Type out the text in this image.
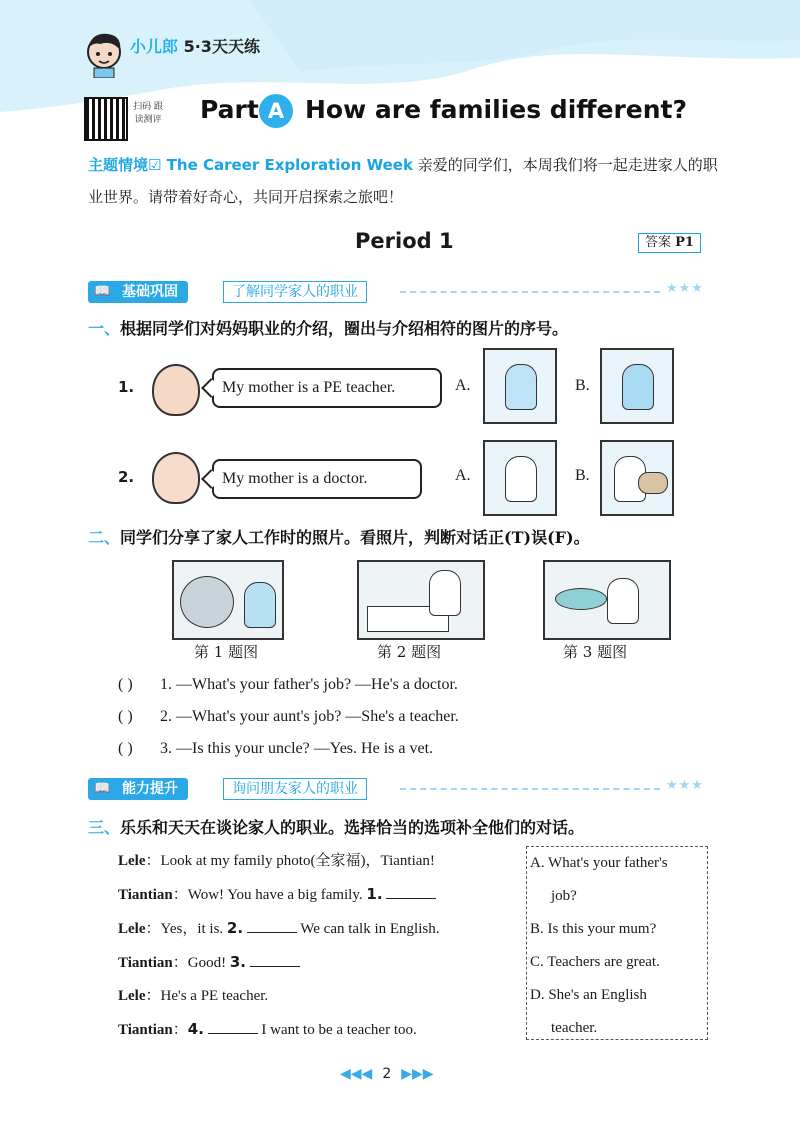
小儿郎 5·3天天练
扫码 跟读测评 Part A How are families different?
主题情境☑ The Career Exploration Week 亲爱的同学们，本周我们将一起走进家人的职业世界。请带着好奇心，共同开启探索之旅吧！
Period 1	答案 P1
📖 基础巩固	了解同学家人的职业	★★★
一、根据同学们对妈妈职业的介绍，圈出与介绍相符的图片的序号。
1.	My mother is a PE teacher.	A.	B.
2.	My mother is a doctor.	A.	B.
二、同学们分享了家人工作时的照片。看照片，判断对话正(T)误(F)。
第 1 题图	第 2 题图	第 3 题图
( ) 1. —What's your father's job? —He's a doctor.
( ) 2. —What's your aunt's job? —She's a teacher.
( ) 3. —Is this your uncle? —Yes. He is a vet.
📖 能力提升	询问朋友家人的职业	★★★
三、乐乐和天天在谈论家人的职业。选择恰当的选项补全他们的对话。
Lele：Look at my family photo(全家福)，Tiantian!
Tiantian：Wow! You have a big family. 1.
Lele：Yes，it is. 2.	We can talk in English.
Tiantian：Good! 3.
Lele：He's a PE teacher.
Tiantian：4.	I want to be a teacher too.
A. What's your father's
job?
B. Is this your mum?
C. Teachers are great.
D. She's an English
teacher.
◀◀◀ 2 ▶▶▶
